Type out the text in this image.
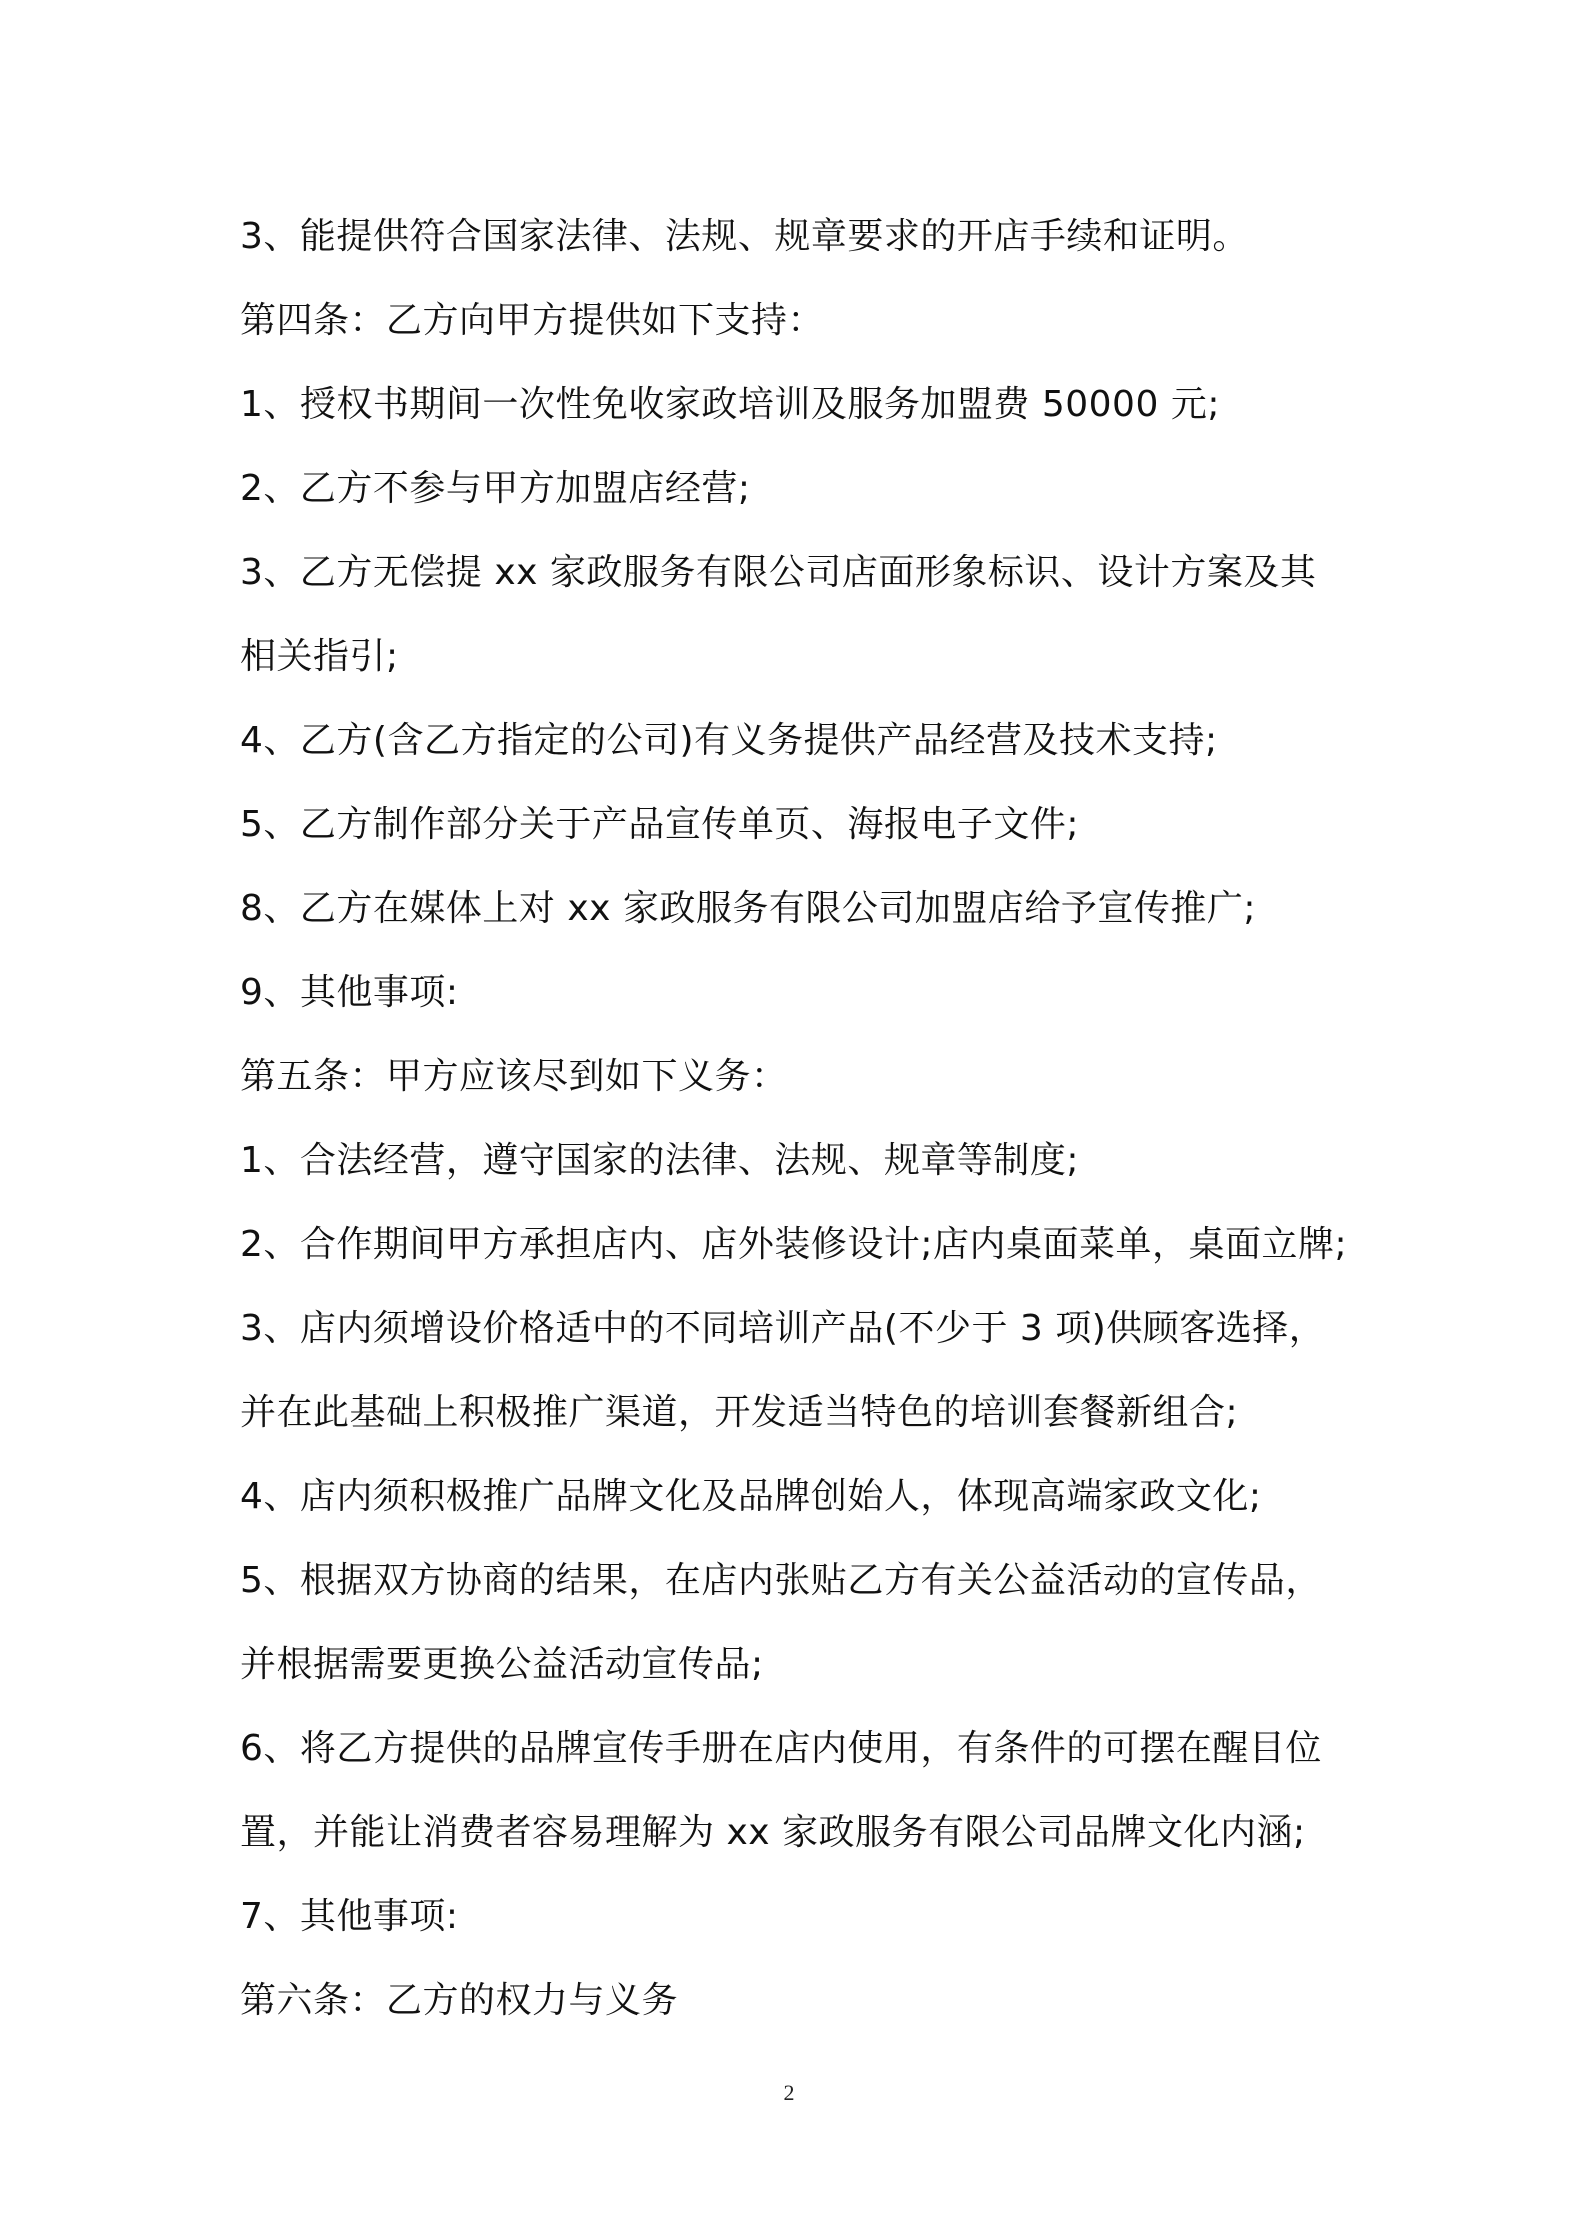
3、能提供符合国家法律、法规、规章要求的开店手续和证明。
第四条：乙方向甲方提供如下支持：
1、授权书期间一次性免收家政培训及服务加盟费 50000 元;
2、乙方不参与甲方加盟店经营;
3、乙方无偿提 xx 家政服务有限公司店面形象标识、设计方案及其
相关指引;
4、乙方(含乙方指定的公司)有义务提供产品经营及技术支持;
5、乙方制作部分关于产品宣传单页、海报电子文件;
8、乙方在媒体上对 xx 家政服务有限公司加盟店给予宣传推广;
9、其他事项:
第五条：甲方应该尽到如下义务：
1、合法经营，遵守国家的法律、法规、规章等制度;
2、合作期间甲方承担店内、店外装修设计;店内桌面菜单，桌面立牌;
3、店内须增设价格适中的不同培训产品(不少于 3 项)供顾客选择，
并在此基础上积极推广渠道，开发适当特色的培训套餐新组合;
4、店内须积极推广品牌文化及品牌创始人，体现高端家政文化;
5、根据双方协商的结果，在店内张贴乙方有关公益活动的宣传品，
并根据需要更换公益活动宣传品;
6、将乙方提供的品牌宣传手册在店内使用，有条件的可摆在醒目位
置，并能让消费者容易理解为 xx 家政服务有限公司品牌文化内涵;
7、其他事项:
第六条：乙方的权力与义务
2
